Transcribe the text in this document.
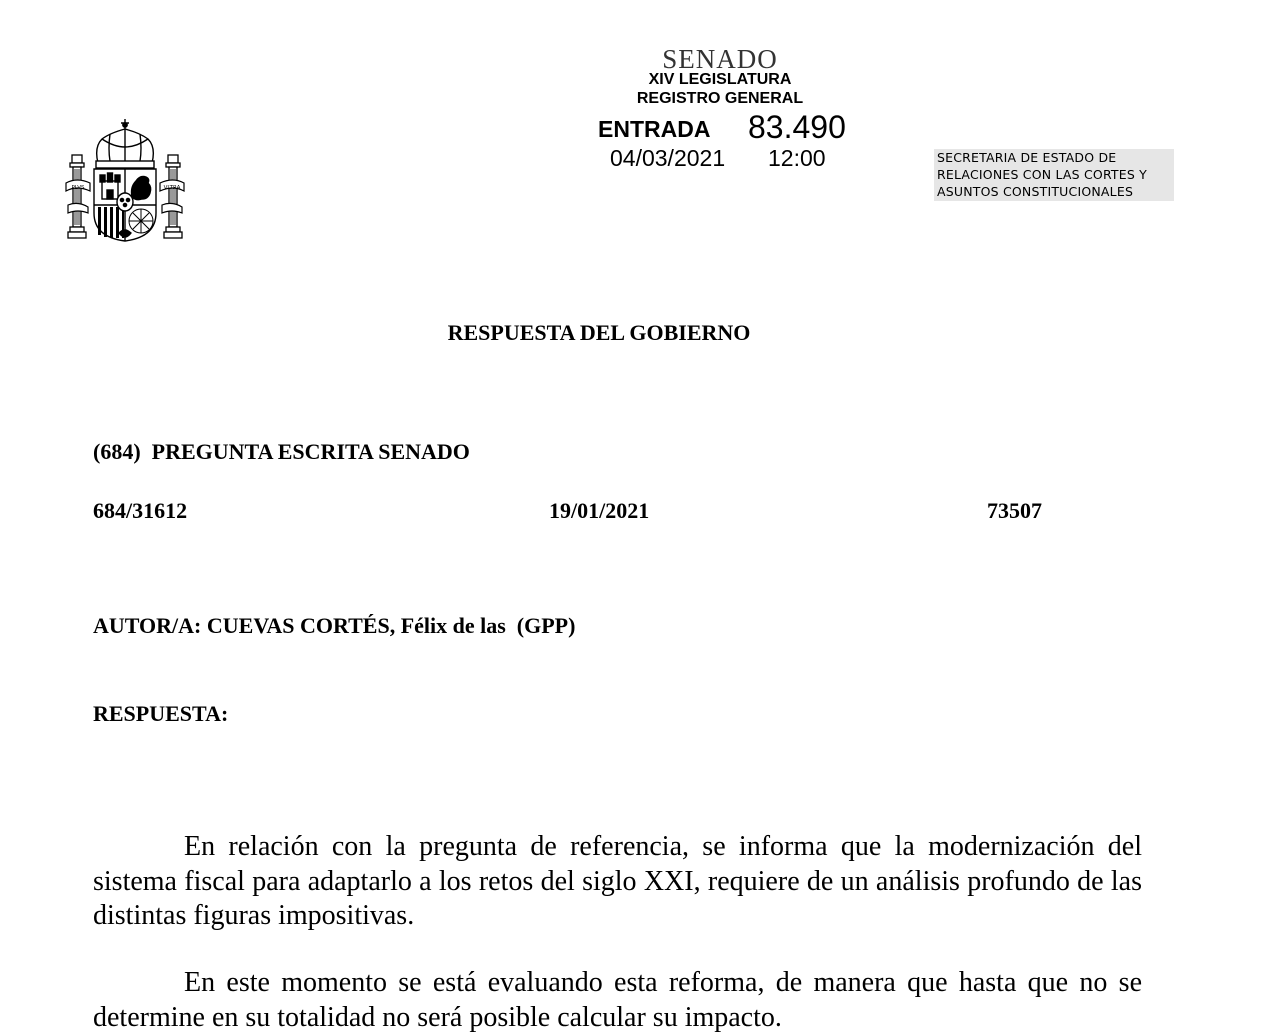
PLVS	VLTRA
SENADO
XIV LEGISLATURA
REGISTRO GENERAL
ENTRADA 83.490
04/03/2021 12:00	SECRETARIA DE ESTADO DE
RELACIONES CON LAS CORTES Y
ASUNTOS CONSTITUCIONALES
RESPUESTA DEL GOBIERNO
(684)  PREGUNTA ESCRITA SENADO
684/31612	19/01/2021	73507
AUTOR/A: CUEVAS CORTÉS, Félix de las  (GPP)
RESPUESTA:
En relación con la pregunta de referencia, se informa que la modernización del sistema fiscal para adaptarlo a los retos del siglo XXI, requiere de un análisis profundo de las distintas figuras impositivas.
En este momento se está evaluando esta reforma, de manera que hasta que no se determine en su totalidad no será posible calcular su impacto.
